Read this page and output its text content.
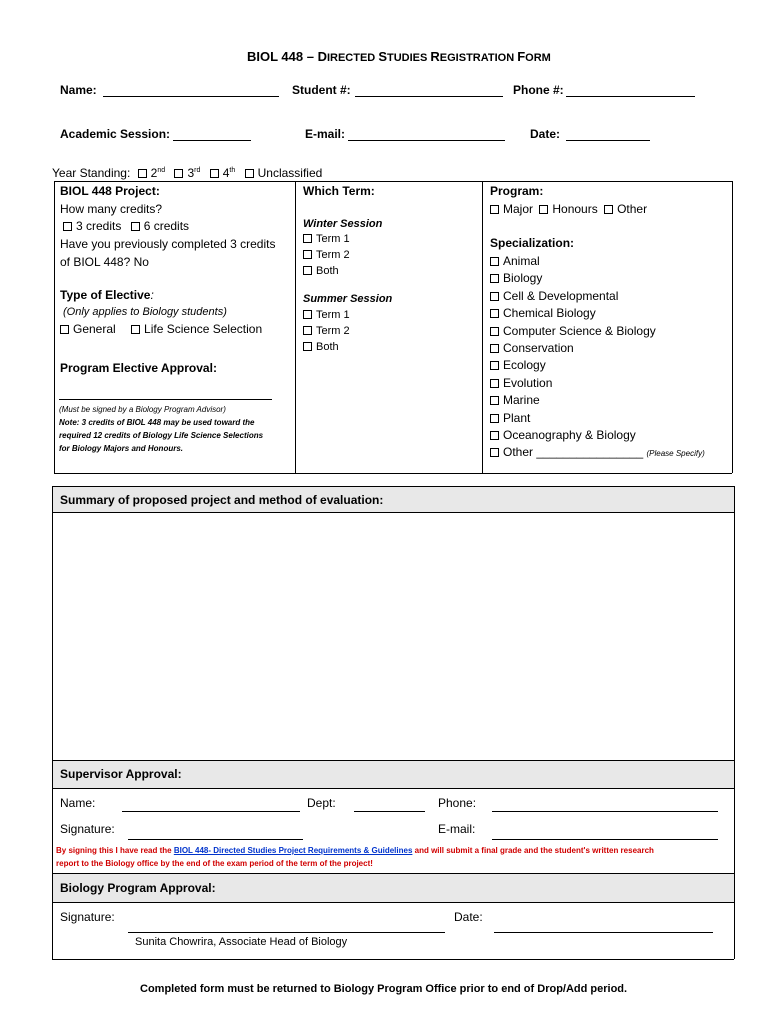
BIOL 448 – DIRECTED STUDIES REGISTRATION FORM
Name:	Student #:	Phone #:
Academic Session:	E-mail:	Date:
Year Standing: 2nd 3rd 4th Unclassified
BIOL 448 Project:
How many credits?
3 credits 6 credits
Have you previously completed 3 credits
of BIOL 448? No
Type of Elective:
(Only applies to Biology students)
General Life Science Selection
Program Elective Approval:
(Must be signed by a Biology Program Advisor)
Note: 3 credits of BIOL 448 may be used toward the
required 12 credits of Biology Life Science Selections
for Biology Majors and Honours.
Which Term:
Winter Session
Term 1
Term 2
Both
Summer Session
Term 1
Term 2
Both
Program:
Major Honours Other
Specialization:
Animal
Biology
Cell & Developmental
Chemical Biology
Computer Science & Biology
Conservation
Ecology
Evolution
Marine
Plant
Oceanography & Biology
Other ________________ (Please Specify)
Summary of proposed project and method of evaluation:
Supervisor Approval:
Name:	Dept:	Phone:
Signature:	E-mail:
By signing this I have read the BIOL 448- Directed Studies Project Requirements & Guidelines and will submit a final grade and the student's written research
report to the Biology office by the end of the exam period of the term of the project!
Biology Program Approval:
Signature:	Date:
Sunita Chowrira, Associate Head of Biology
Completed form must be returned to Biology Program Office prior to end of Drop/Add period.
